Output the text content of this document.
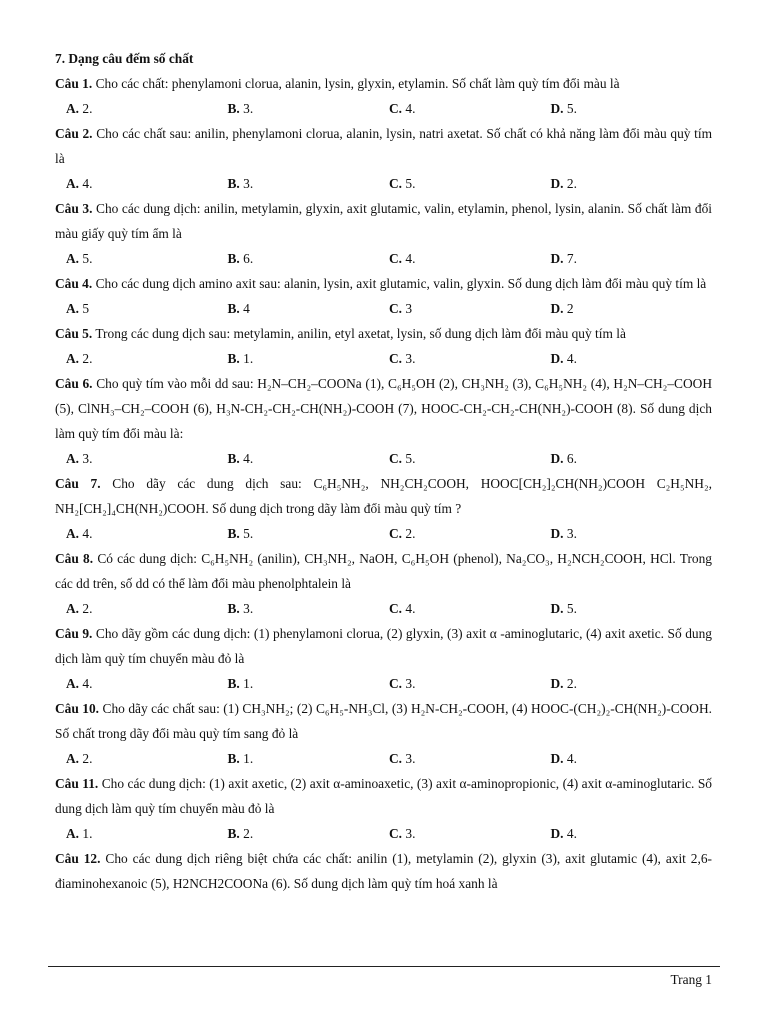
7. Dạng câu đếm số chất

Câu 1. Cho các chất: phenylamoni clorua, alanin, lysin, glyxin, etylamin. Số chất làm quỳ tím đổi màu là

A. 2.	B. 3.	C. 4.	D. 5.

Câu 2. Cho các chất sau: anilin, phenylamoni clorua, alanin, lysin, natri axetat. Số chất có khả năng làm đổi màu quỳ tím là

A. 4.	B. 3.	C. 5.	D. 2.

Câu 3. Cho các dung dịch: anilin, metylamin, glyxin, axit glutamic, valin, etylamin, phenol, lysin, alanin. Số chất làm đổi màu giấy quỳ tím ẩm là

A. 5.	B. 6.	C. 4.	D. 7.

Câu 4. Cho các dung dịch amino axit sau: alanin, lysin, axit glutamic, valin, glyxin. Số dung dịch làm đổi màu quỳ tím là

A. 5	B. 4	C. 3	D. 2

Câu 5. Trong các dung dịch sau: metylamin, anilin, etyl axetat, lysin, số dung dịch làm đổi màu quỳ tím là

A. 2.	B. 1.	C. 3.	D. 4.

Câu 6. Cho quỳ tím vào mỗi dd sau: H₂N–CH₂–COONa (1), C₆H₅OH (2), CH₃NH₂ (3), C₆H₅NH₂ (4), H₂N–CH₂–COOH (5), ClNH₃–CH₂–COOH (6), H₃N-CH₂-CH₂-CH(NH₂)-COOH (7), HOOC-CH₂-CH₂-CH(NH₂)-COOH (8). Số dung dịch làm quỳ tím đổi màu là:

A. 3.	B. 4.	C. 5.	D. 6.

Câu 7. Cho dãy các dung dịch sau: C₆H₅NH₂, NH₂CH₂COOH, HOOC[CH₂]₂CH(NH₂)COOH C₂H₅NH₂, NH₂[CH₂]₄CH(NH₂)COOH. Số dung dịch trong dãy làm đổi màu quỳ tím ?

A. 4.	B. 5.	C. 2.	D. 3.

Câu 8. Có các dung dịch: C₆H₅NH₂ (anilin), CH₃NH₂, NaOH, C₆H₅OH (phenol), Na₂CO₃, H₂NCH₂COOH, HCl. Trong các dd trên, số dd có thể làm đổi màu phenolphtalein là

A. 2.	B. 3.	C. 4.	D. 5.

Câu 9. Cho dãy gồm các dung dịch: (1) phenylamoni clorua, (2) glyxin, (3) axit α -aminoglutaric, (4) axit axetic. Số dung dịch làm quỳ tím chuyển màu đỏ là

A. 4.	B. 1.	C. 3.	D. 2.

Câu 10. Cho dãy các chất sau: (1) CH₃NH₂; (2) C₆H₅-NH₃Cl, (3) H₂N-CH₂-COOH, (4) HOOC-(CH₂)₂-CH(NH₂)-COOH. Số chất trong dãy đổi màu quỳ tím sang đỏ là

A. 2.	B. 1.	C. 3.	D. 4.

Câu 11. Cho các dung dịch: (1) axit axetic, (2) axit α-aminoaxetic, (3) axit α-aminopropionic, (4) axit α-aminoglutaric. Số dung dịch làm quỳ tím chuyển màu đỏ là

A. 1.	B. 2.	C. 3.	D. 4.

Câu 12. Cho các dung dịch riêng biệt chứa các chất: anilin (1), metylamin (2), glyxin (3), axit glutamic (4), axit 2,6-điaminohexanoic (5), H2NCH2COONa (6). Số dung dịch làm quỳ tím hoá xanh là

Trang 1
